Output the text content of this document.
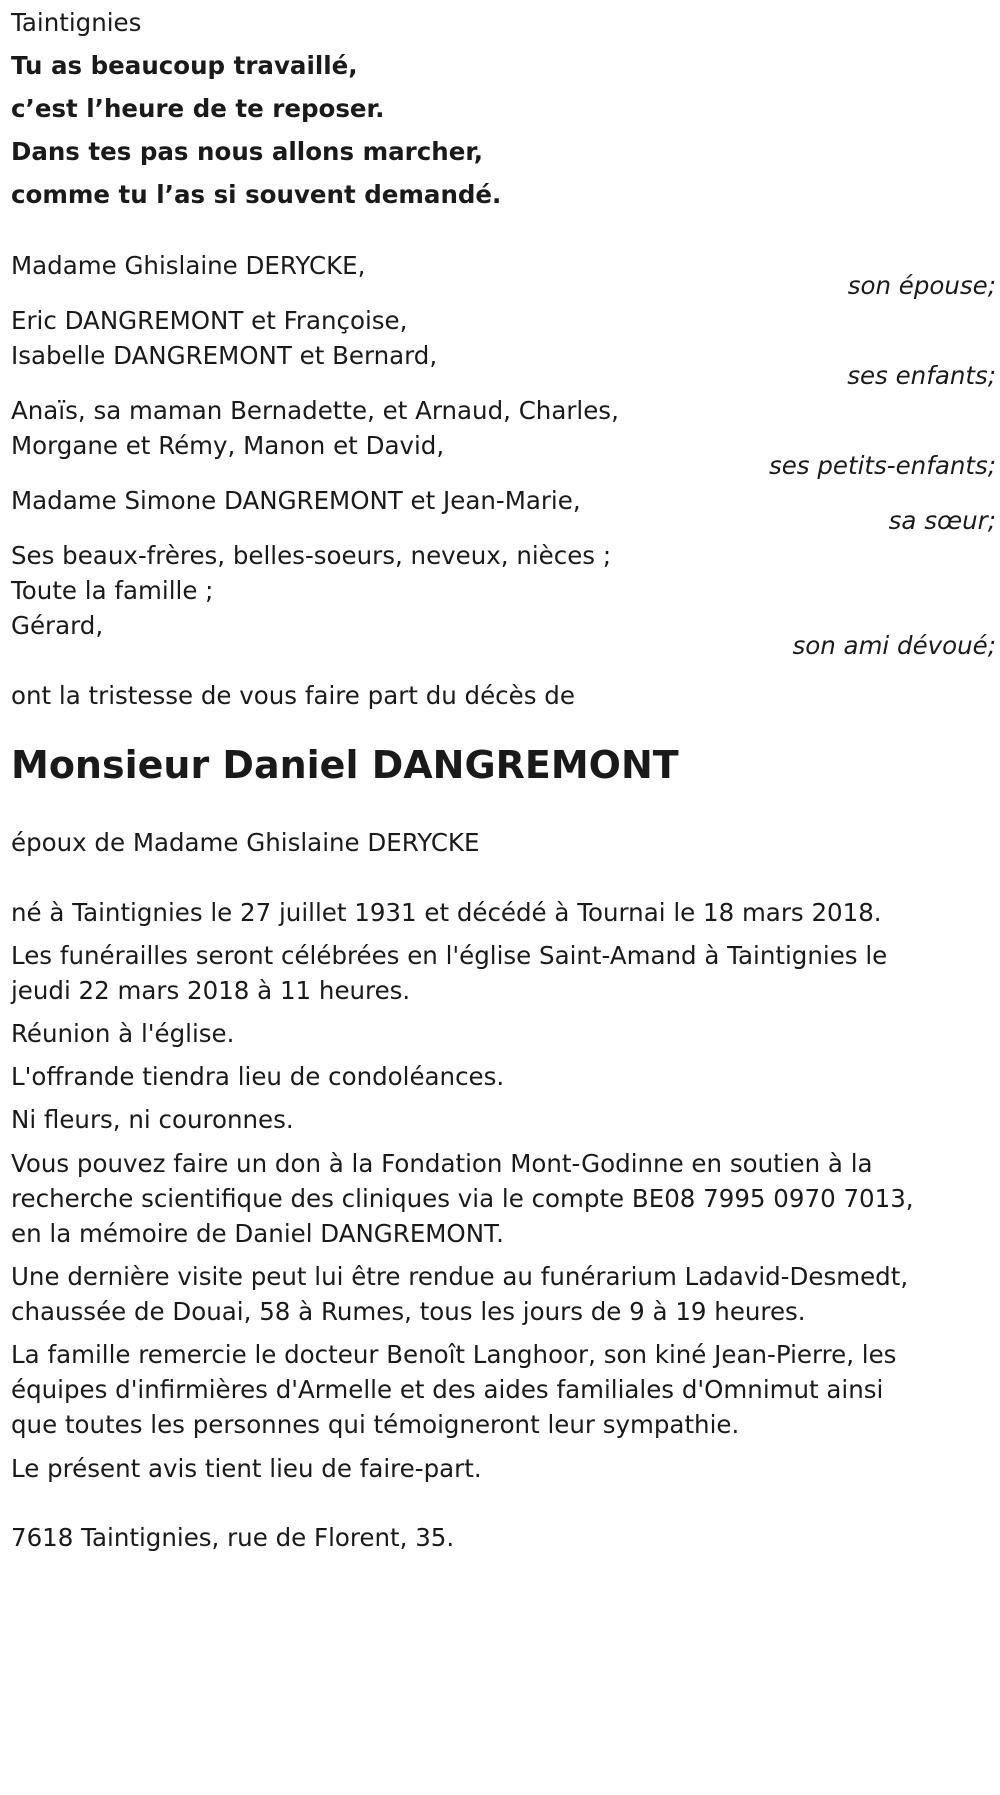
Taintignies
Tu as beaucoup travaillé,
c’est l’heure de te reposer.
Dans tes pas nous allons marcher,
comme tu l’as si souvent demandé.
Madame Ghislaine DERYCKE,
son épouse;
Eric DANGREMONT et Françoise,
Isabelle DANGREMONT et Bernard,
ses enfants;
Anaïs, sa maman Bernadette, et Arnaud, Charles,
Morgane et Rémy, Manon et David,
ses petits-enfants;
Madame Simone DANGREMONT et Jean-Marie,
sa sœur;
Ses beaux-frères, belles-soeurs, neveux, nièces ;
Toute la famille ;
Gérard,
son ami dévoué;
ont la tristesse de vous faire part du décès de
Monsieur Daniel DANGREMONT
époux de Madame Ghislaine DERYCKE
né à Taintignies le 27 juillet 1931 et décédé à Tournai le 18 mars 2018.
Les funérailles seront célébrées en l'église Saint-Amand à Taintignies le
jeudi 22 mars 2018 à 11 heures.
Réunion à l'église.
L'offrande tiendra lieu de condoléances.
Ni fleurs, ni couronnes.
Vous pouvez faire un don à la Fondation Mont-Godinne en soutien à la
recherche scientifique des cliniques via le compte BE08 7995 0970 7013,
en la mémoire de Daniel DANGREMONT.
Une dernière visite peut lui être rendue au funérarium Ladavid-Desmedt,
chaussée de Douai, 58 à Rumes, tous les jours de 9 à 19 heures.
La famille remercie le docteur Benoît Langhoor, son kiné Jean-Pierre, les
équipes d'infirmières d'Armelle et des aides familiales d'Omnimut ainsi
que toutes les personnes qui témoigneront leur sympathie.
Le présent avis tient lieu de faire-part.
7618 Taintignies, rue de Florent, 35.
